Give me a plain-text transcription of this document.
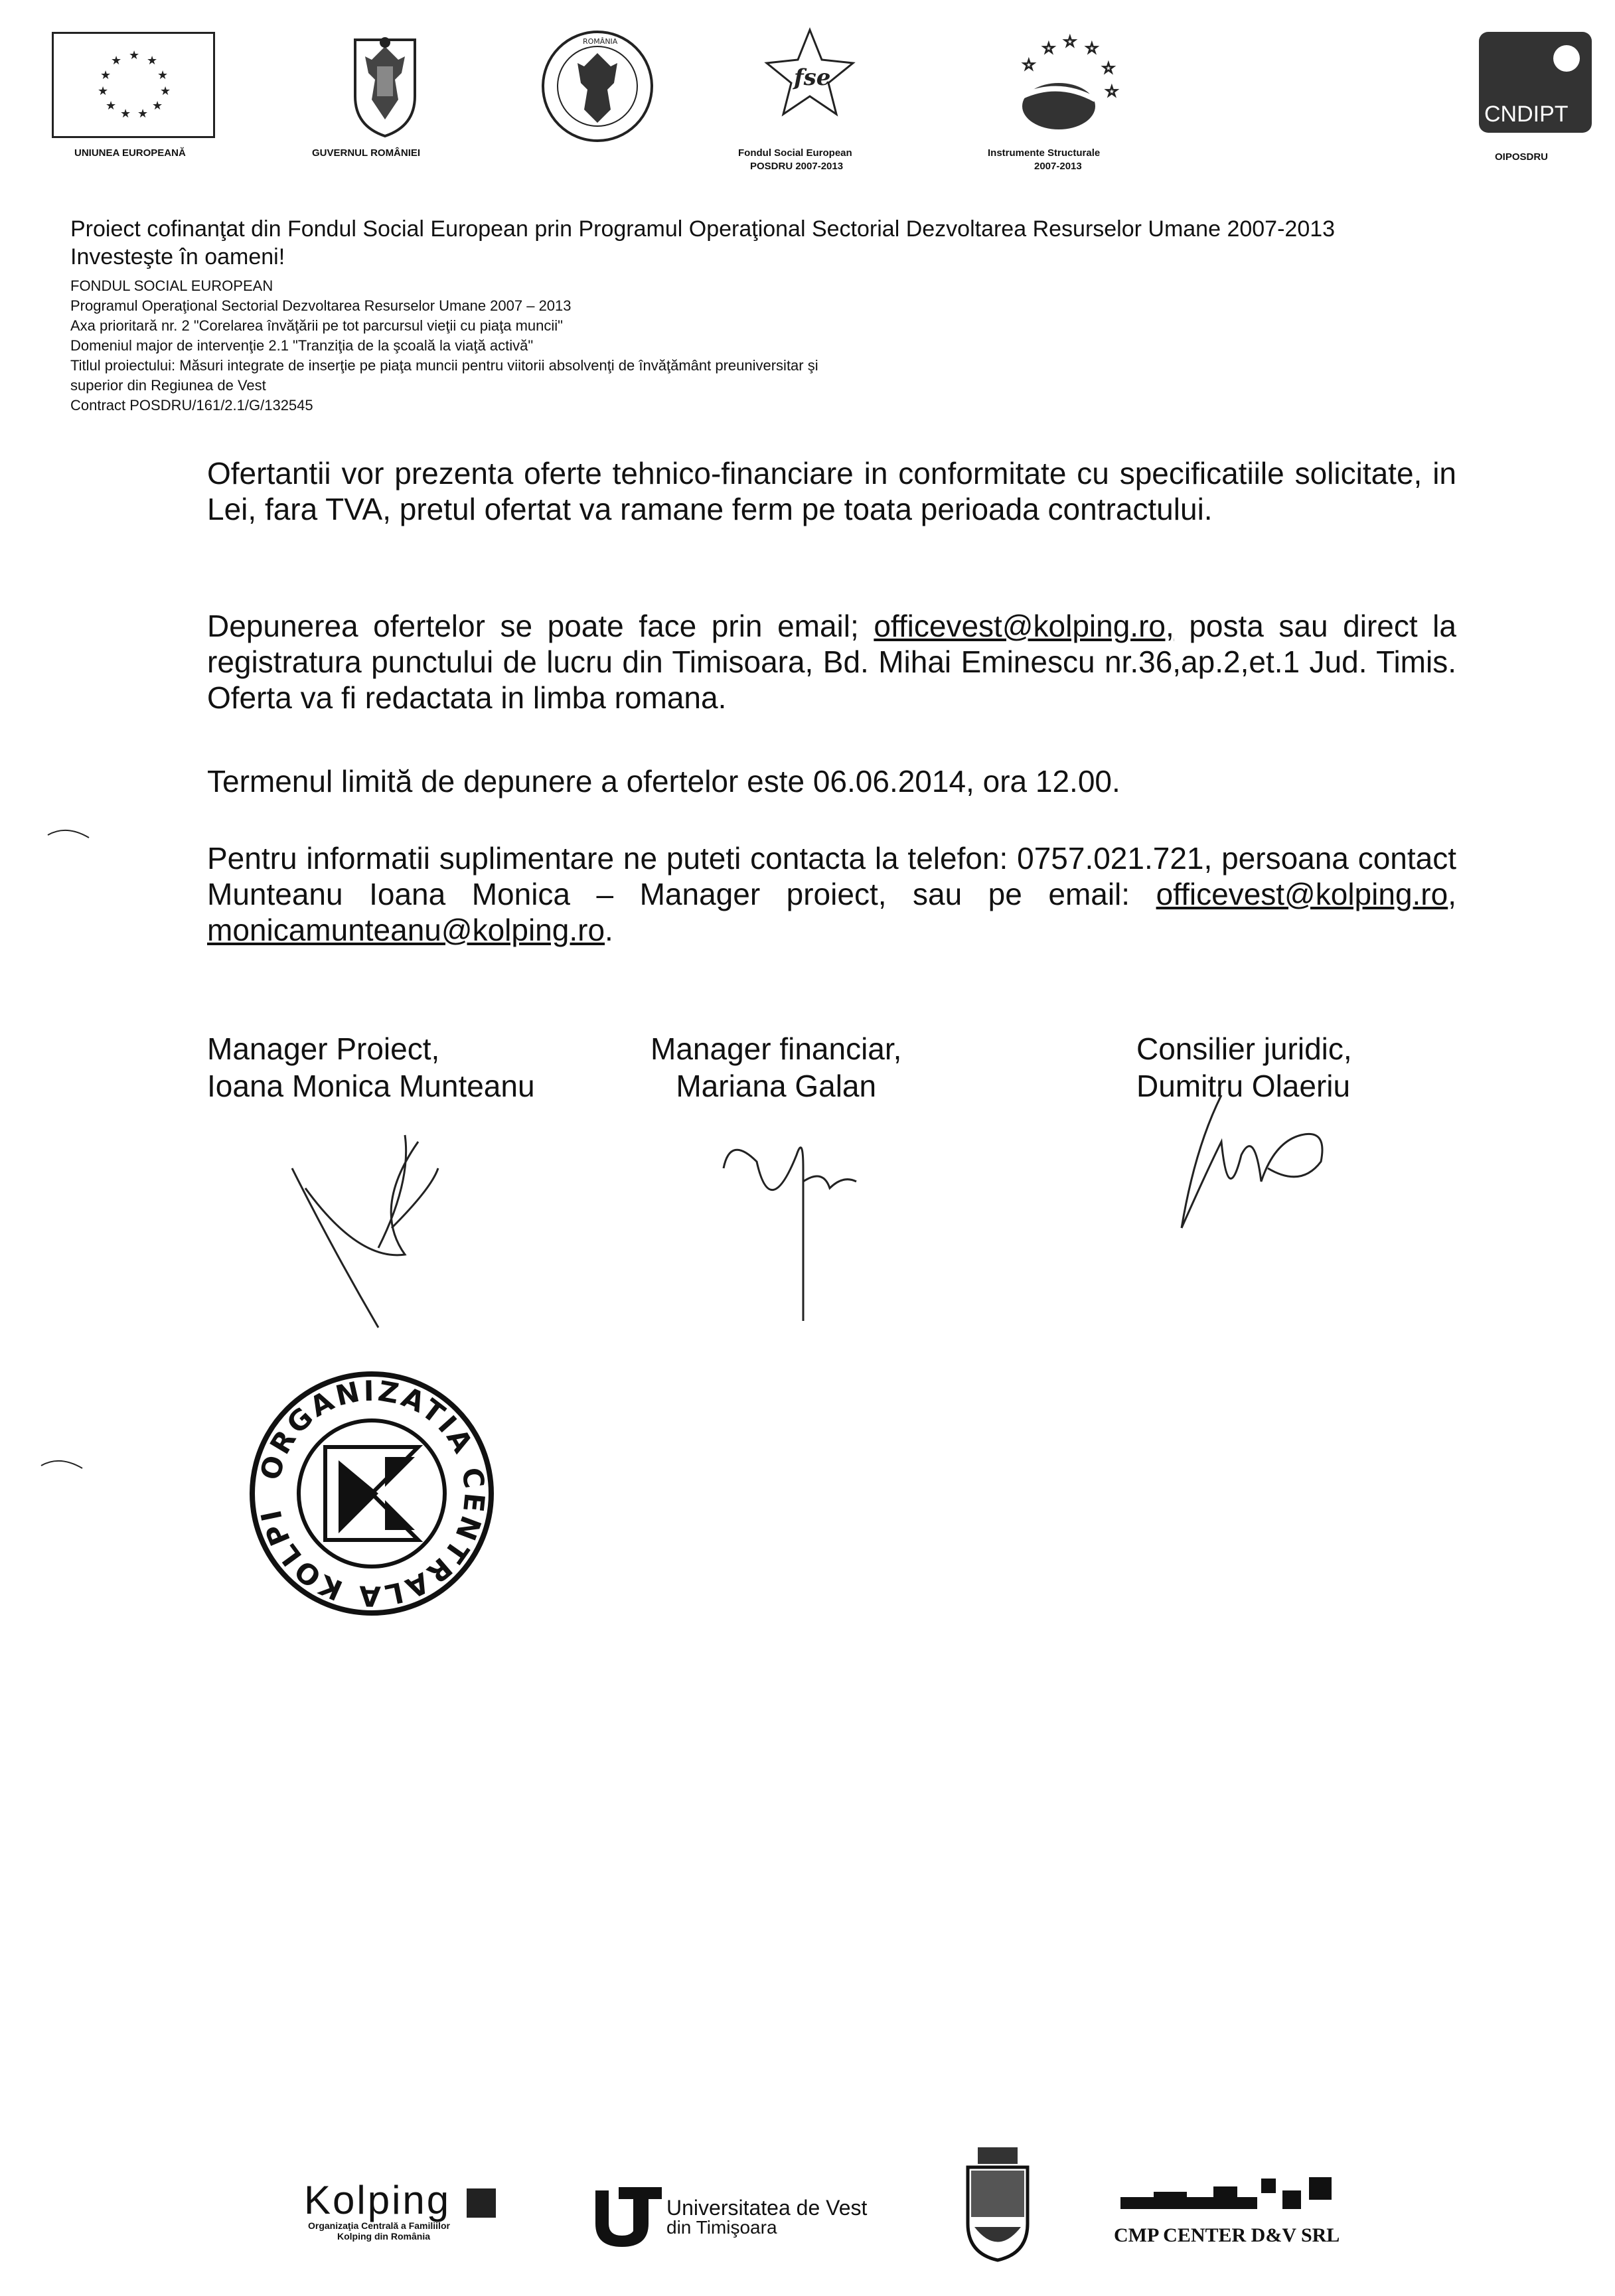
★ ★
★
★
★
★
★
★
★
★
★
UNIUNEA EUROPEANĂ	GUVERNUL ROMÂNIEI
ROMÂNIA
fse
Fondul Social European
POSDRU 2007-2013
☆ ☆ ☆
☆
☆
☆
Instrumente Structurale
2007-2013
CNDIPT
OIPOSDRU
Proiect cofinanţat din Fondul Social European prin Programul Operaţional Sectorial Dezvoltarea Resurselor Umane 2007-2013
Investeşte în oameni!
FONDUL SOCIAL EUROPEAN
Programul Operaţional Sectorial Dezvoltarea Resurselor Umane 2007 – 2013
Axa prioritară nr. 2 "Corelarea învăţării pe tot parcursul vieţii cu piaţa muncii"
Domeniul major de intervenţie 2.1 "Tranziţia de la şcoală la viaţă activă"
Titlul proiectului: Măsuri integrate de inserţie pe piaţa muncii pentru viitorii absolvenţi de învăţământ preuniversitar şi
superior din Regiunea de Vest
Contract POSDRU/161/2.1/G/132545

Ofertantii vor prezenta oferte tehnico-financiare in conformitate cu specificatiile solicitate, in Lei, fara TVA, pretul ofertat va ramane ferm pe toata perioada contractului.

Depunerea ofertelor se poate face prin email; officevest@kolping.ro, posta sau direct la registratura punctului de lucru din Timisoara, Bd. Mihai Eminescu nr.36,ap.2,et.1 Jud. Timis. Oferta va fi redactata in limba romana.

Termenul limită de depunere a ofertelor este 06.06.2014, ora 12.00.

Pentru informatii suplimentare ne puteti contacta la telefon: 0757.021.721, persoana contact Munteanu Ioana Monica – Manager proiect, sau pe email: officevest@kolping.ro, monicamunteanu@kolping.ro.

Manager Proiect,
Ioana Monica Munteanu
Manager financiar,
Mariana Galan
Consilier juridic,
Dumitru Olaeriu
ORGANIZATIA CENTRALA KOLPI
Kolping
Organizaţia Centrală a Familiilor
Kolping din România
Universitatea de Vest
din Timişoara	CMP CENTER D&V SRL
